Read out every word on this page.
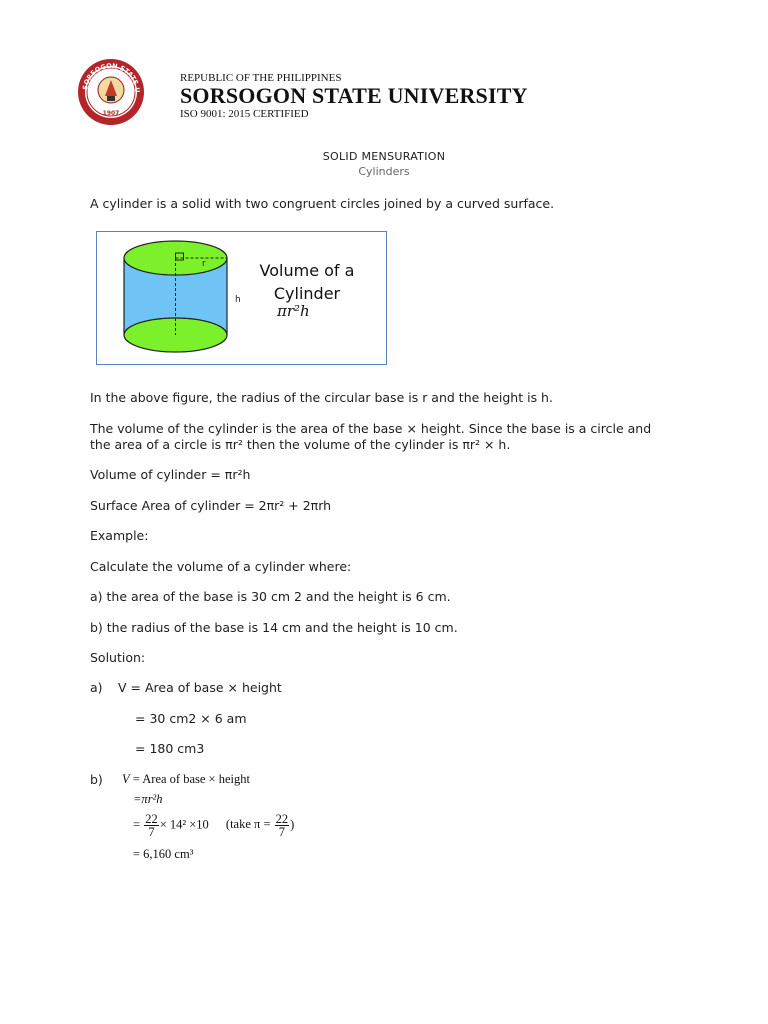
SORSOGON STATE U
1907
REPUBLIC OF THE PHILIPPINES
SORSOGON STATE UNIVERSITY
ISO 9001: 2015 CERTIFIED
SOLID MENSURATION
Cylinders
A cylinder is a solid with two congruent circles joined by a curved surface.
r
h
Volume of a
Cylinder
πr²h
In the above figure, the radius of the circular base is r and the height is h.
The volume of the cylinder is the area of the base × height. Since the base is a circle and
the area of a circle is πr² then the volume of the cylinder is πr² × h.
Volume of cylinder = πr²h
Surface Area of cylinder = 2πr² + 2πrh
Example:
Calculate the volume of a cylinder where:
a) the area of the base is 30 cm 2 and the height is 6 cm.
b) the radius of the base is 14 cm and the height is 10 cm.
Solution:
a) V = Area of base × height
= 30 cm2 × 6 am
= 180 cm3
b) V = Area of base × height
=πr²h
= $\frac{22}{7} \times 14^2 \times 10$ (take $\pi = \frac{22}{7}$ )
= 6,160 cm³
